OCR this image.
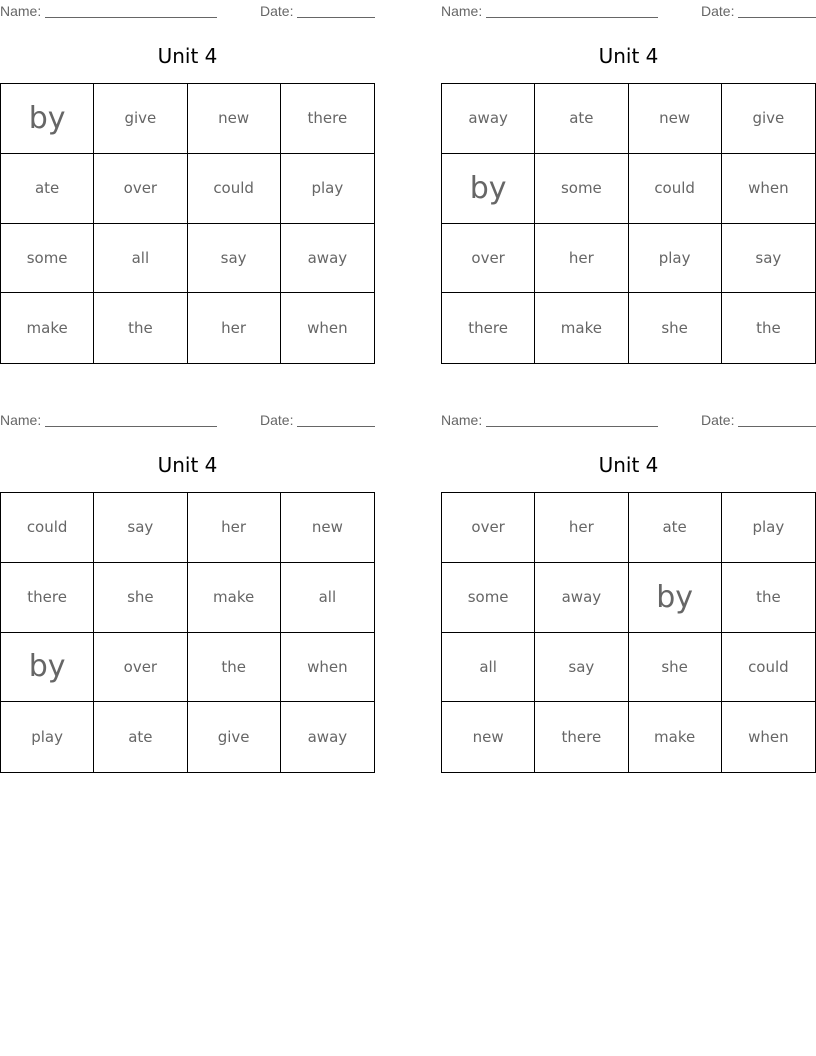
Name:	Date:
Unit 4
by	give	new	there
ate	over	could	play
some	all	say	away
make	the	her	when
Name:	Date:
Unit 4
away	ate	new	give
by	some	could	when
over	her	play	say
there	make	she	the
Name:	Date:
Unit 4
could	say	her	new
there	she	make	all
by	over	the	when
play	ate	give	away
Name:	Date:
Unit 4
over	her	ate	play
some	away	by	the
all	say	she	could
new	there	make	when
